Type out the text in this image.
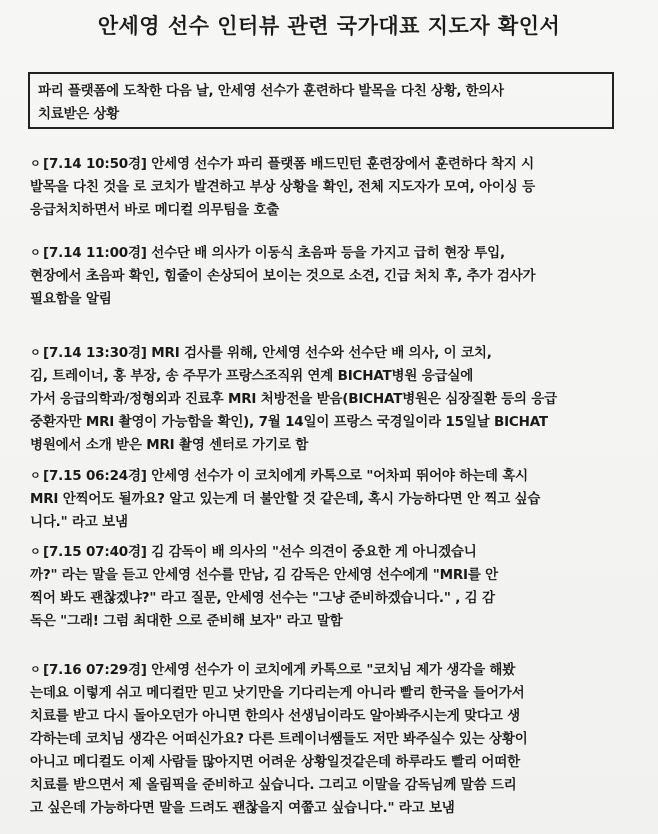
안세영 선수 인터뷰 관련 국가대표 지도자 확인서
파리 플랫폼에 도착한 다음 날, 안세영 선수가 훈련하다 발목을 다친 상황, 한의사
치료받은 상황
ㅇ [7.14 10:50경] 안세영 선수가 파리 플랫폼 배드민턴 훈련장에서 훈련하다 착지 시
발목을 다친 것을 로 코치가 발견하고 부상 상황을 확인, 전체 지도자가 모여, 아이싱 등
응급처치하면서 바로 메디컬 의무팀을 호출
ㅇ [7.14 11:00경] 선수단 배 의사가 이동식 초음파 등을 가지고 급히 현장 투입,
현장에서 초음파 확인, 힘줄이 손상되어 보이는 것으로 소견, 긴급 처치 후, 추가 검사가
필요함을 알림
ㅇ [7.14 13:30경] MRI 검사를 위해, 안세영 선수와 선수단 배 의사, 이 코치,
김, 트레이너, 홍 부장, 송 주무가 프랑스조직위 연계 BICHAT병원 응급실에
가서 응급의학과/정형외과 진료후 MRI 처방전을 받음(BICHAT병원은 심장질환 등의 응급
중환자만 MRI 촬영이 가능함을 확인), 7월 14일이 프랑스 국경일이라 15일날 BICHAT
병원에서 소개 받은 MRI 촬영 센터로 가기로 함
ㅇ [7.15 06:24경] 안세영 선수가 이 코치에게 카톡으로 "어차피 뛰어야 하는데 혹시
MRI 안찍어도 될까요? 알고 있는게 더 불안할 것 같은데, 혹시 가능하다면 안 찍고 싶습
니다." 라고 보냄
ㅇ [7.15 07:40경] 김 감독이 배 의사의 "선수 의견이 중요한 게 아니겠습니
까?" 라는 말을 듣고 안세영 선수를 만남, 김 감독은 안세영 선수에게 "MRI를 안
찍어 봐도 괜찮겠냐?" 라고 질문, 안세영 선수는 "그냥 준비하겠습니다." , 김 감
독은 "그래! 그럼 최대한 으로 준비해 보자" 라고 말함
ㅇ [7.16 07:29경] 안세영 선수가 이 코치에게 카톡으로 "코치님 제가 생각을 해봤
는데요 이렇게 쉬고 메디컬만 믿고 낫기만을 기다리는게 아니라 빨리 한국을 들어가서
치료를 받고 다시 돌아오던가 아니면 한의사 선생님이라도 알아봐주시는게 맞다고 생
각하는데 코치님 생각은 어떠신가요? 다른 트레이너쌤들도 저만 봐주실수 있는 상황이
아니고 메디컬도 이제 사람들 많아지면 어려운 상황일것같은데 하루라도 빨리 어떠한
치료를 받으면서 제 올림픽을 준비하고 싶습니다. 그리고 이말을 감독님께 말씀 드리
고 싶은데 가능하다면 말을 드려도 괜찮을지 여쭙고 싶습니다." 라고 보냄
